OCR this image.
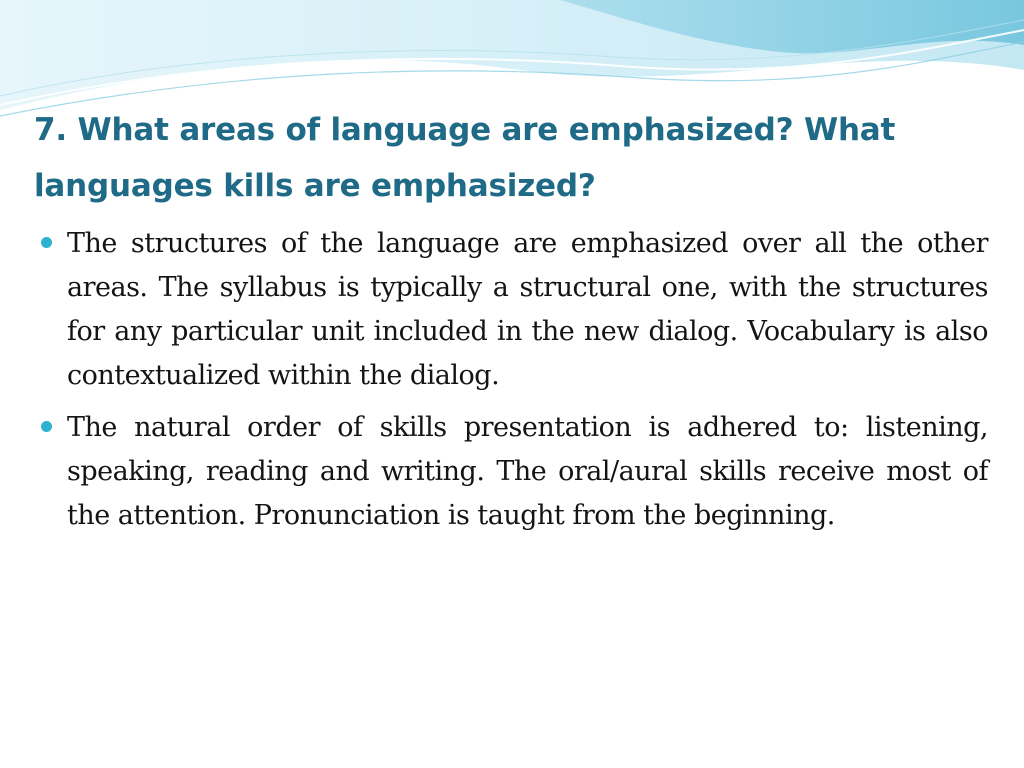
7. What areas of language are emphasized? What languages kills are emphasized?
The structures of the language are emphasized over all the other areas. The syllabus is typically a structural one, with the structures for any particular unit included in the new dialog. Vocabulary is also contextualized within the dialog.
The natural order of skills presentation is adhered to: listening, speaking, reading and writing. The oral/aural skills receive most of the attention. Pronunciation is taught from the beginning.
